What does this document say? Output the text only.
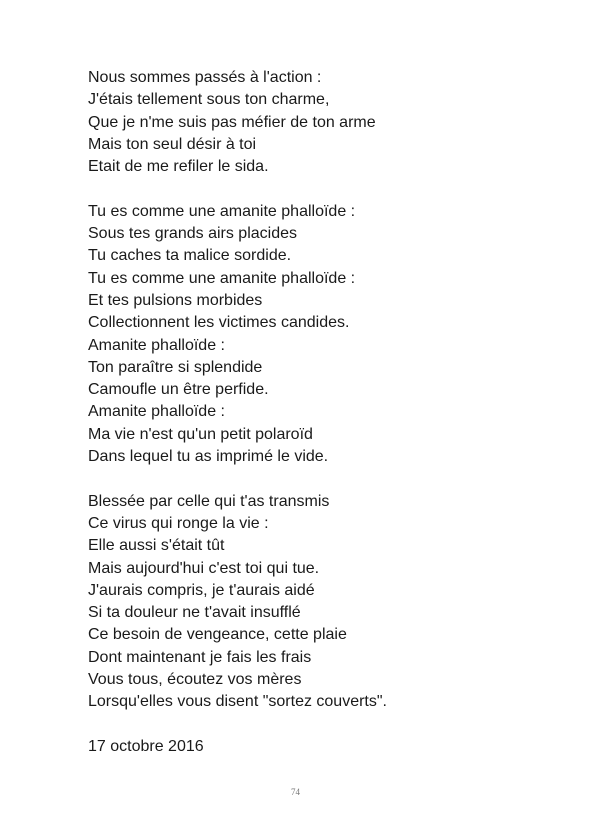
Nous sommes passés à l'action :
J'étais tellement sous ton charme,
Que je n'me suis pas méfier de ton arme
Mais ton seul désir à toi
Etait de me refiler le sida.
Tu es comme une amanite phalloïde :
Sous tes grands airs placides
Tu caches ta malice sordide.
Tu es comme une amanite phalloïde :
Et tes pulsions morbides
Collectionnent les victimes candides.
Amanite phalloïde :
Ton paraître si splendide
Camoufle un être perfide.
Amanite phalloïde :
Ma vie n'est qu'un petit polaroïd
Dans lequel tu as imprimé le vide.
Blessée par celle qui t'as transmis
Ce virus qui ronge la vie :
Elle aussi s'était tût
Mais aujourd'hui c'est toi qui tue.
J'aurais compris, je t'aurais aidé
Si ta douleur ne t'avait insufflé
Ce besoin de vengeance, cette plaie
Dont maintenant je fais les frais
Vous tous, écoutez vos mères
Lorsqu'elles vous disent "sortez couverts".
17 octobre 2016
74
